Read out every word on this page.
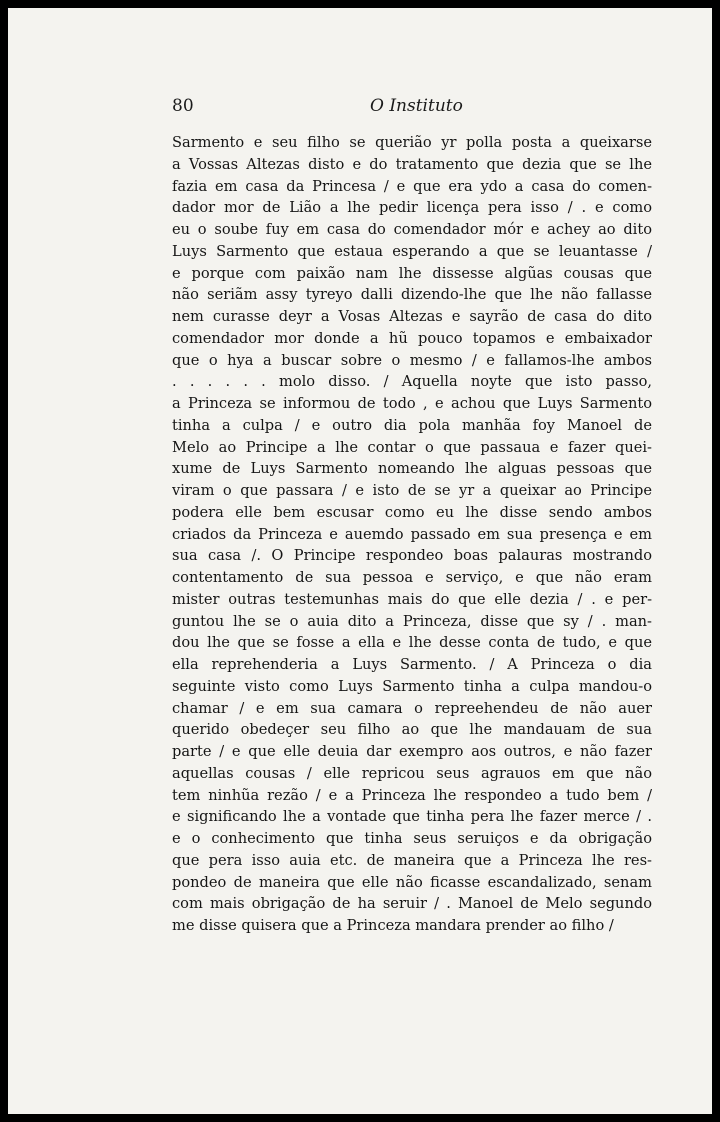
80	O Instituto
Sarmento e seu filho se querião yr polla posta a queixarse
a Vossas Altezas disto e do tratamento que dezia que se lhe
fazia em casa da Princesa / e que era ydo a casa do comen-
dador mor de Lião a lhe pedir licença pera isso / . e como
eu o soube fuy em casa do comendador mór e achey ao dito
Luys Sarmento que estaua esperando a que se leuantasse /
e porque com paixão nam lhe dissesse algũas cousas que
não seriãm assy tyreyo dalli dizendo-lhe que lhe não fallasse
nem curasse deyr a Vosas Altezas e sayrão de casa do dito
comendador mor donde a hũ pouco topamos e embaixador
que o hya a buscar sobre o mesmo / e fallamos-lhe ambos
. . . . . . molo disso. / Aquella noyte que isto passo,
a Princeza se informou de todo , e achou que Luys Sarmento
tinha a culpa / e outro dia pola manhãa foy Manoel de
Melo ao Principe a lhe contar o que passaua e fazer quei-
xume de Luys Sarmento nomeando lhe alguas pessoas que
viram o que passara / e isto de se yr a queixar ao Principe
podera elle bem escusar como eu lhe disse sendo ambos
criados da Princeza e auemdo passado em sua presença e em
sua casa /. O Principe respondeo boas palauras mostrando
contentamento de sua pessoa e serviço, e que não eram
mister outras testemunhas mais do que elle dezia / . e per-
guntou lhe se o auia dito a Princeza, disse que sy / . man-
dou lhe que se fosse a ella e lhe desse conta de tudo, e que
ella reprehenderia a Luys Sarmento. / A Princeza o dia
seguinte visto como Luys Sarmento tinha a culpa mandou-o
chamar / e em sua camara o repreehendeu de não auer
querido obedeçer seu filho ao que lhe mandauam de sua
parte / e que elle deuia dar exempro aos outros, e não fazer
aquellas cousas / elle repricou seus agrauos em que não
tem ninhũa rezão / e a Princeza lhe respondeo a tudo bem /
e significando lhe a vontade que tinha pera lhe fazer merce / .
e o conhecimento que tinha seus seruiços e da obrigação
que pera isso auia etc. de maneira que a Princeza lhe res-
pondeo de maneira que elle não ficasse escandalizado, senam
com mais obrigação de ha seruir / . Manoel de Melo segundo
me disse quisera que a Princeza mandara prender ao filho /
